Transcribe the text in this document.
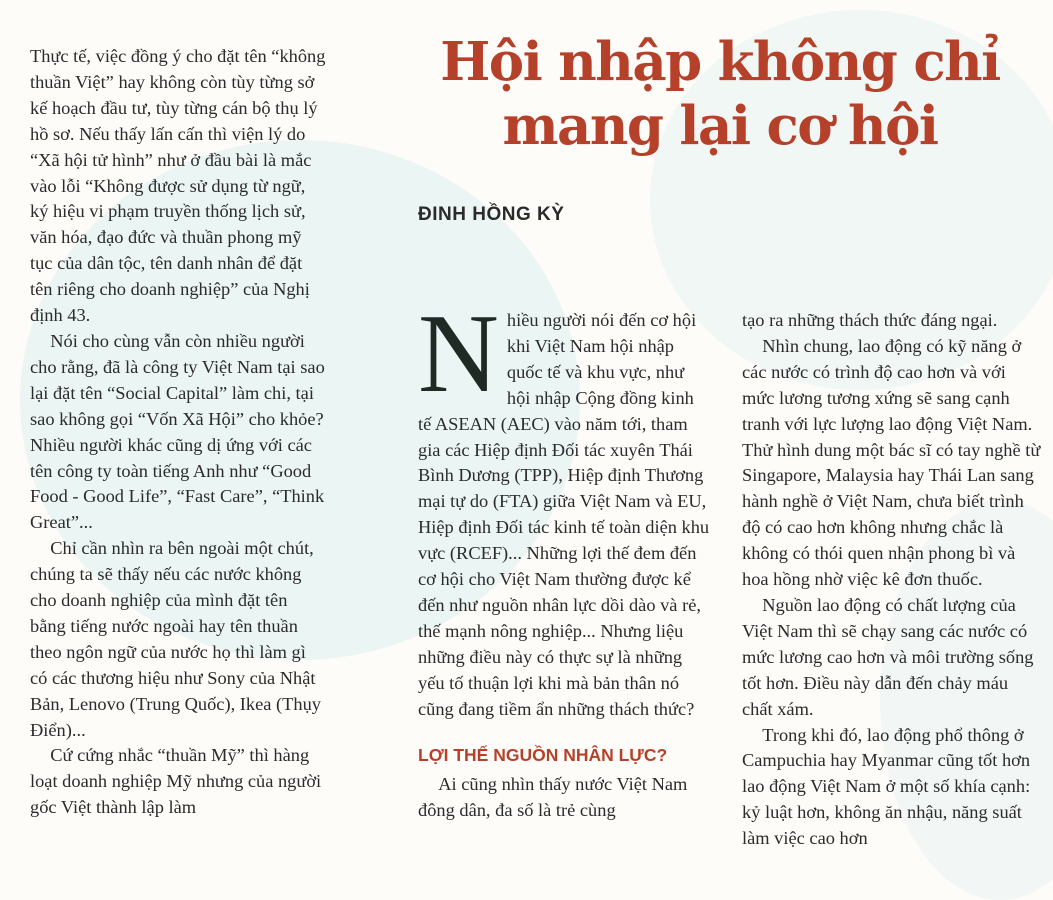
Thực tế, việc đồng ý cho đặt tên “không thuần Việt” hay không còn tùy từng sở kế hoạch đầu tư, tùy từng cán bộ thụ lý hồ sơ. Nếu thấy lấn cấn thì viện lý do “Xã hội tử hình” như ở đầu bài là mắc vào lỗi “Không được sử dụng từ ngữ, ký hiệu vi phạm truyền thống lịch sử, văn hóa, đạo đức và thuần phong mỹ tục của dân tộc, tên danh nhân để đặt tên riêng cho doanh nghiệp” của Nghị định 43.

Nói cho cùng vẫn còn nhiều người cho rằng, đã là công ty Việt Nam tại sao lại đặt tên “Social Capital” làm chi, tại sao không gọi “Vốn Xã Hội” cho khỏe? Nhiều người khác cũng dị ứng với các tên công ty toàn tiếng Anh như “Good Food - Good Life”, “Fast Care”, “Think Great”...

Chỉ cần nhìn ra bên ngoài một chút, chúng ta sẽ thấy nếu các nước không cho doanh nghiệp của mình đặt tên bằng tiếng nước ngoài hay tên thuần theo ngôn ngữ của nước họ thì làm gì có các thương hiệu như Sony của Nhật Bản, Lenovo (Trung Quốc), Ikea (Thụy Điển)...

Cứ cứng nhắc “thuần Mỹ” thì hàng loạt doanh nghiệp Mỹ nhưng của người gốc Việt thành lập làm

Hội nhập không chỉ
mang lại cơ hội
ĐINH HỒNG KỲ

Nhiều người nói đến cơ hội khi Việt Nam hội nhập quốc tế và khu vực, như hội nhập Cộng đồng kinh tế ASEAN (AEC) vào năm tới, tham gia các Hiệp định Đối tác xuyên Thái Bình Dương (TPP), Hiệp định Thương mại tự do (FTA) giữa Việt Nam và EU, Hiệp định Đối tác kinh tế toàn diện khu vực (RCEF)... Những lợi thế đem đến cơ hội cho Việt Nam thường được kể đến như nguồn nhân lực dồi dào và rẻ, thế mạnh nông nghiệp... Nhưng liệu những điều này có thực sự là những yếu tố thuận lợi khi mà bản thân nó cũng đang tiềm ẩn những thách thức?

LỢI THẾ NGUỒN NHÂN LỰC?

Ai cũng nhìn thấy nước Việt Nam đông dân, đa số là trẻ cùng

tạo ra những thách thức đáng ngại.

Nhìn chung, lao động có kỹ năng ở các nước có trình độ cao hơn và với mức lương tương xứng sẽ sang cạnh tranh với lực lượng lao động Việt Nam. Thử hình dung một bác sĩ có tay nghề từ Singapore, Malaysia hay Thái Lan sang hành nghề ở Việt Nam, chưa biết trình độ có cao hơn không nhưng chắc là không có thói quen nhận phong bì và hoa hồng nhờ việc kê đơn thuốc.

Nguồn lao động có chất lượng của Việt Nam thì sẽ chạy sang các nước có mức lương cao hơn và môi trường sống tốt hơn. Điều này dẫn đến chảy máu chất xám.

Trong khi đó, lao động phổ thông ở Campuchia hay Myanmar cũng tốt hơn lao động Việt Nam ở một số khía cạnh: kỷ luật hơn, không ăn nhậu, năng suất làm việc cao hơn
